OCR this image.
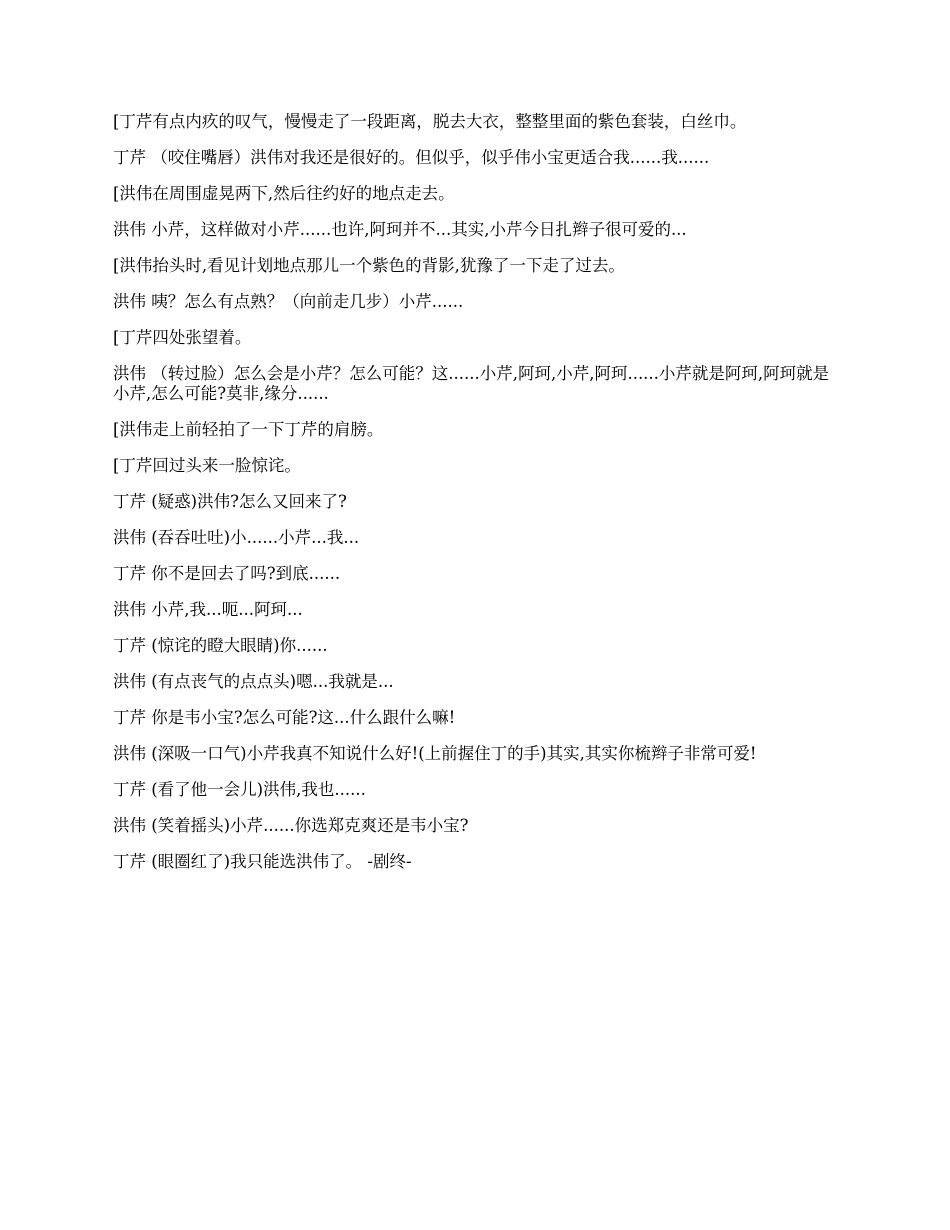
[丁芹有点内疚的叹气，慢慢走了一段距离，脱去大衣，整整里面的紫色套装，白丝巾。

丁芹 （咬住嘴唇）洪伟对我还是很好的。但似乎，似乎伟小宝更适合我......我......

[洪伟在周围虚晃两下,然后往约好的地点走去。

洪伟 小芹，这样做对小芹......也许,阿珂并不...其实,小芹今日扎辫子很可爱的...

[洪伟抬头时,看见计划地点那儿一个紫色的背影,犹豫了一下走了过去。

洪伟 咦？怎么有点熟？（向前走几步）小芹......

[丁芹四处张望着。

洪伟 （转过脸）怎么会是小芹？怎么可能？这......小芹,阿珂,小芹,阿珂......小芹就是阿珂,阿珂就是小芹,怎么可能?莫非,缘分......

[洪伟走上前轻拍了一下丁芹的肩膀。

[丁芹回过头来一脸惊诧。

丁芹 (疑惑)洪伟?怎么又回来了?

洪伟 (吞吞吐吐)小......小芹...我...

丁芹 你不是回去了吗?到底......

洪伟 小芹,我...呃...阿珂...

丁芹 (惊诧的瞪大眼睛)你......

洪伟 (有点丧气的点点头)嗯...我就是...

丁芹 你是韦小宝?怎么可能?这...什么跟什么嘛!

洪伟 (深吸一口气)小芹我真不知说什么好!(上前握住丁的手)其实,其实你梳辫子非常可爱!

丁芹 (看了他一会儿)洪伟,我也......

洪伟 (笑着摇头)小芹......你选郑克爽还是韦小宝?

丁芹 (眼圈红了)我只能选洪伟了。 -剧终-
